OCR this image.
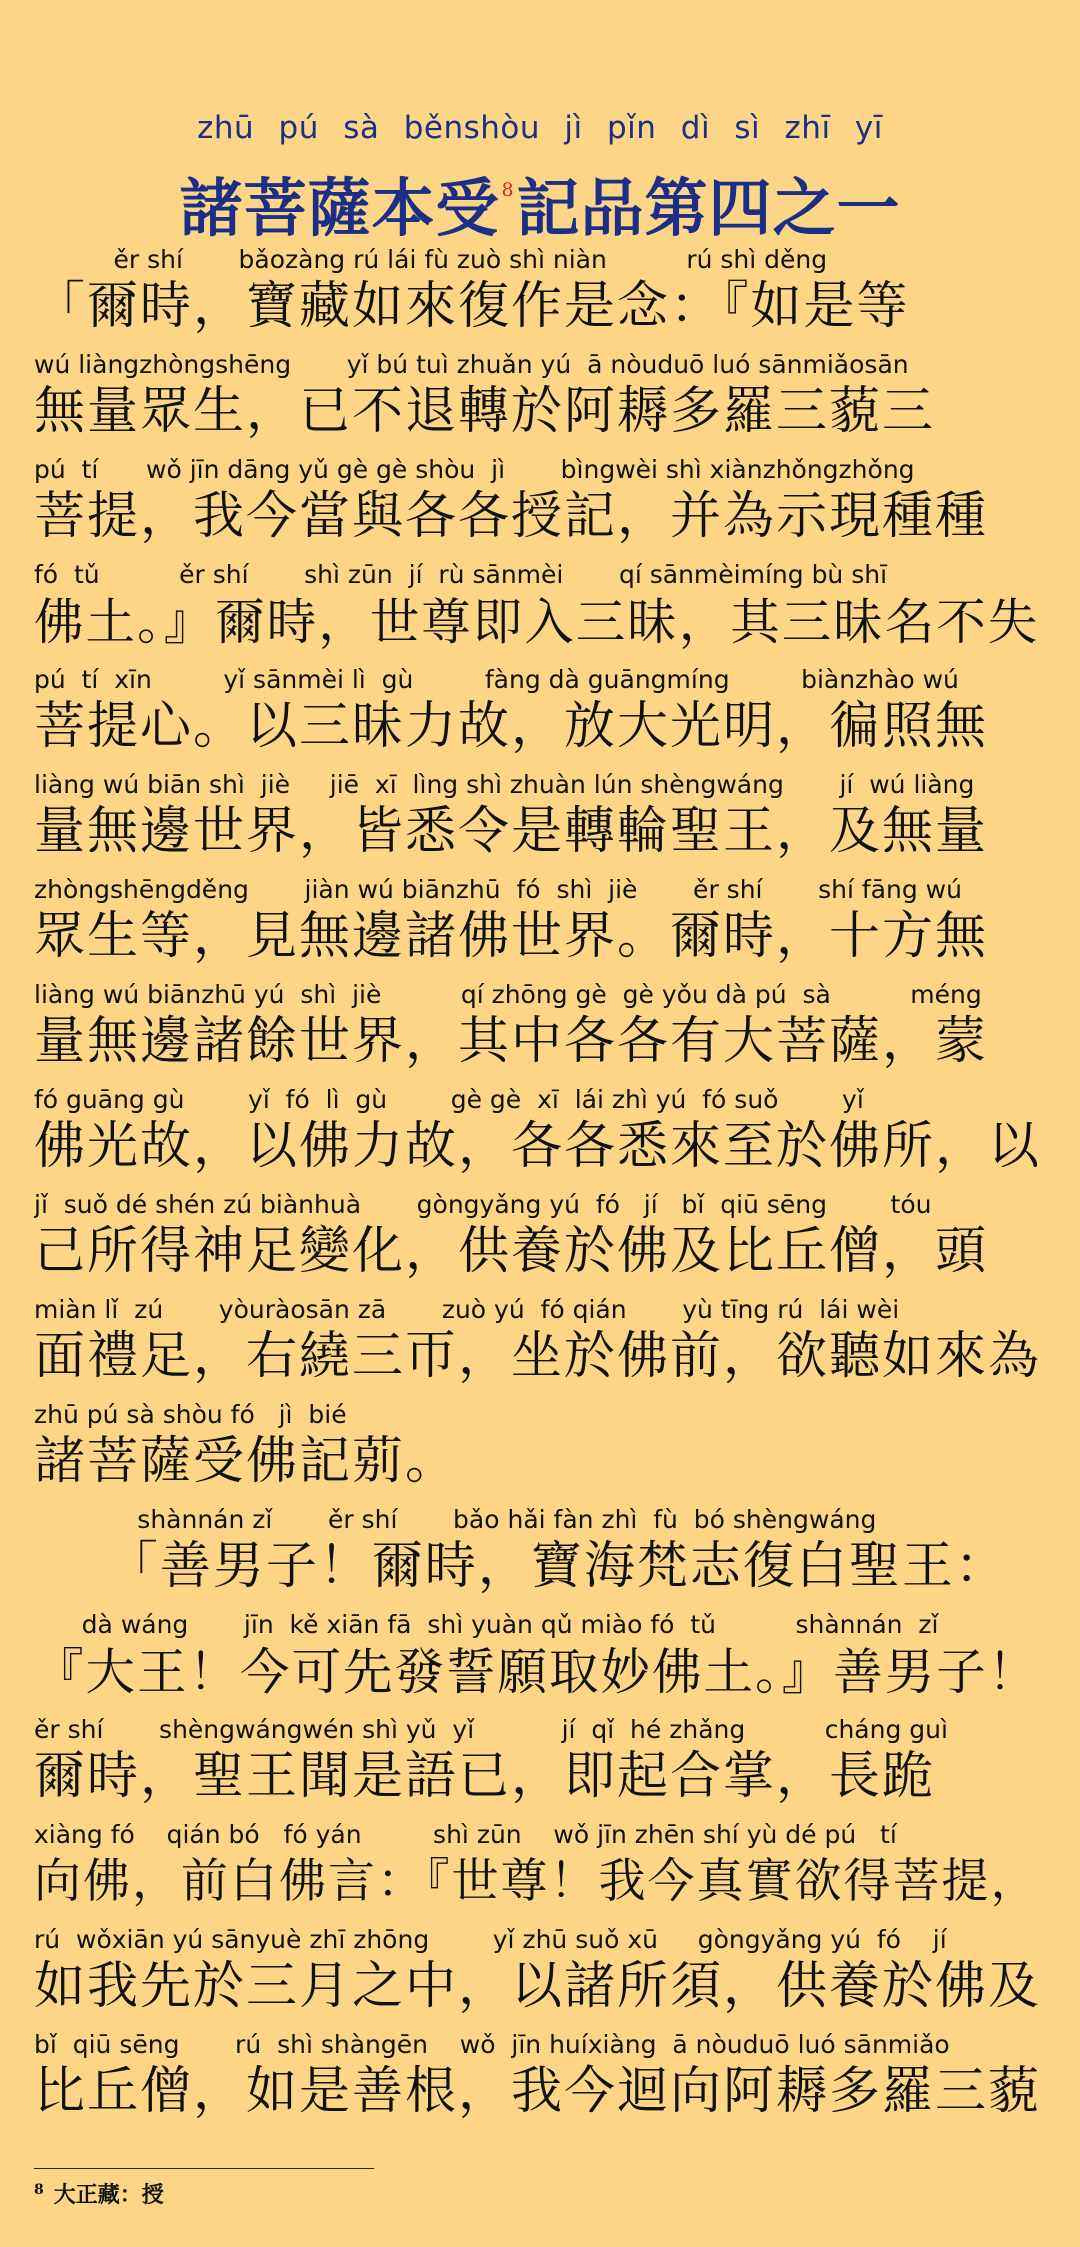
zhū pú sà běnshòu jì pǐn dì sì zhī yī
諸菩薩本受 $^8$記品第四之一
ěr shí       bǎozàng rú lái fù zuò shì niàn          rú shì děng
「爾時，寶藏如來復作是念：『如是等
wú liàngzhòngshēng       yǐ bú tuì zhuǎn yú  ā nòuduō luó sānmiǎosān
無量眾生，已不退轉於阿耨多羅三藐三
pú  tí      wǒ jīn dāng yǔ gè gè shòu  jì       bìngwèi shì xiànzhǒngzhǒng
菩提，我今當與各各授記，并為示現種種
fó  tǔ          ěr shí       shì zūn  jí  rù sānmèi       qí sānmèimíng bù shī
佛土。』爾時，世尊即入三昧，其三昧名不失
pú  tí  xīn         yǐ sānmèi lì  gù         fàng dà guāngmíng         biànzhào wú
菩提心。以三昧力故，放大光明，徧照無
liàng wú biān shì  jiè     jiē  xī  lìng shì zhuàn lún shèngwáng       jí  wú liàng
量無邊世界，皆悉令是轉輪聖王，及無量
zhòngshēngděng       jiàn wú biānzhū  fó  shì  jiè       ěr shí       shí fāng wú
眾生等，見無邊諸佛世界。爾時，十方無
liàng wú biānzhū yú  shì  jiè          qí zhōng gè  gè yǒu dà pú  sà          méng
量無邊諸餘世界，其中各各有大菩薩，蒙
fó guāng gù        yǐ  fó  lì  gù        gè gè  xī  lái zhì yú  fó suǒ        yǐ
佛光故，以佛力故，各各悉來至於佛所，以
jǐ  suǒ dé shén zú biànhuà       gòngyǎng yú  fó   jí   bǐ  qiū sēng        tóu
己所得神足變化，供養於佛及比丘僧，頭
miàn lǐ  zú       yòuràosān zā       zuò yú  fó qián       yù tīng rú  lái wèi
面禮足，右繞三帀，坐於佛前，欲聽如來為
zhū pú sà shòu fó   jì  bié
諸菩薩受佛記莂。
shànnán zǐ       ěr shí       bǎo hǎi fàn zhì  fù  bó shèngwáng
「善男子！爾時，寶海梵志復白聖王：
dà wáng       jīn  kě xiān fā  shì yuàn qǔ miào fó  tǔ          shànnán  zǐ
『大王！今可先發誓願取妙佛土。』善男子！
ěr shí       shèngwángwén shì yǔ  yǐ           jí  qǐ  hé zhǎng          cháng guì
爾時，聖王聞是語已，即起合掌，長跪
xiàng fó    qián bó   fó yán         shì zūn    wǒ jīn zhēn shí yù dé pú   tí
向佛，前白佛言：『世尊！我今真實欲得菩提，
rú  wǒxiān yú sānyuè zhī zhōng        yǐ zhū suǒ xū     gòngyǎng yú  fó    jí
如我先於三月之中，以諸所須，供養於佛及
bǐ  qiū sēng       rú  shì shàngēn    wǒ  jīn huíxiàng  ā nòuduō luó sānmiǎo
比丘僧，如是善根，我今迴向阿耨多羅三藐
$^8$ 大正藏：授
